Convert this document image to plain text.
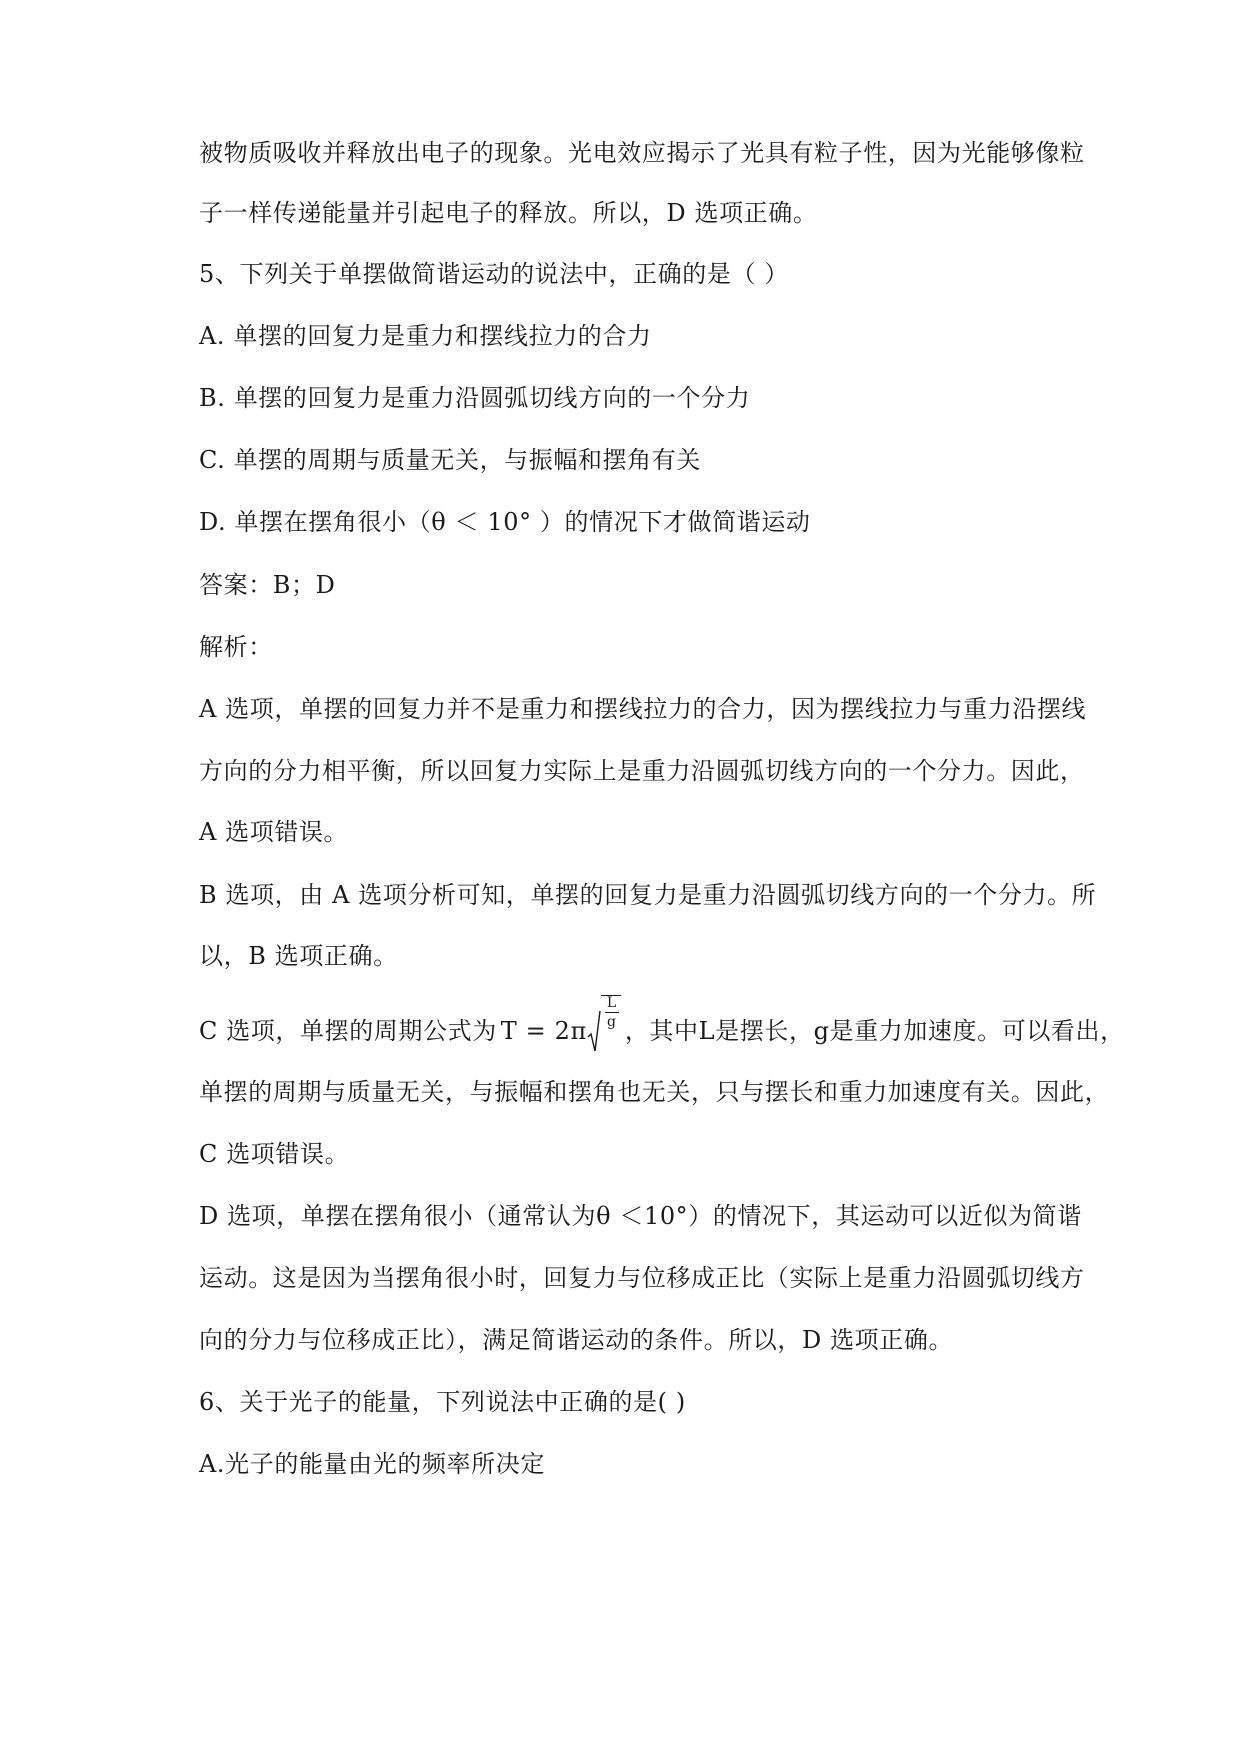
被物质吸收并释放出电子的现象。光电效应揭示了光具有粒子性，因为光能够像粒
子一样传递能量并引起电子的释放。所以，D 选项正确。
5、下列关于单摆做简谐运动的说法中，正确的是（ ）
A. 单摆的回复力是重力和摆线拉力的合力
B. 单摆的回复力是重力沿圆弧切线方向的一个分力
C. 单摆的周期与质量无关，与振幅和摆角有关
D. 单摆在摆角很小（θ ＜ 10° ）的情况下才做简谐运动
答案：B；D
解析：
A 选项，单摆的回复力并不是重力和摆线拉力的合力，因为摆线拉力与重力沿摆线
方向的分力相平衡，所以回复力实际上是重力沿圆弧切线方向的一个分力。因此，
A 选项错误。
B 选项，由 A 选项分析可知，单摆的回复力是重力沿圆弧切线方向的一个分力。所
以，B 选项正确。
C 选项，单摆的周期公式为 T = 2π
$\frac{L}{g}$
，其中L是摆长，g是重力加速度。可以看出，
单摆的周期与质量无关，与振幅和摆角也无关，只与摆长和重力加速度有关。因此，
C 选项错误。
D 选项，单摆在摆角很小（通常认为θ ＜10°）的情况下，其运动可以近似为简谐
运动。这是因为当摆角很小时，回复力与位移成正比（实际上是重力沿圆弧切线方
向的分力与位移成正比），满足简谐运动的条件。所以，D 选项正确。
6、关于光子的能量，下列说法中正确的是( )
A.光子的能量由光的频率所决定
